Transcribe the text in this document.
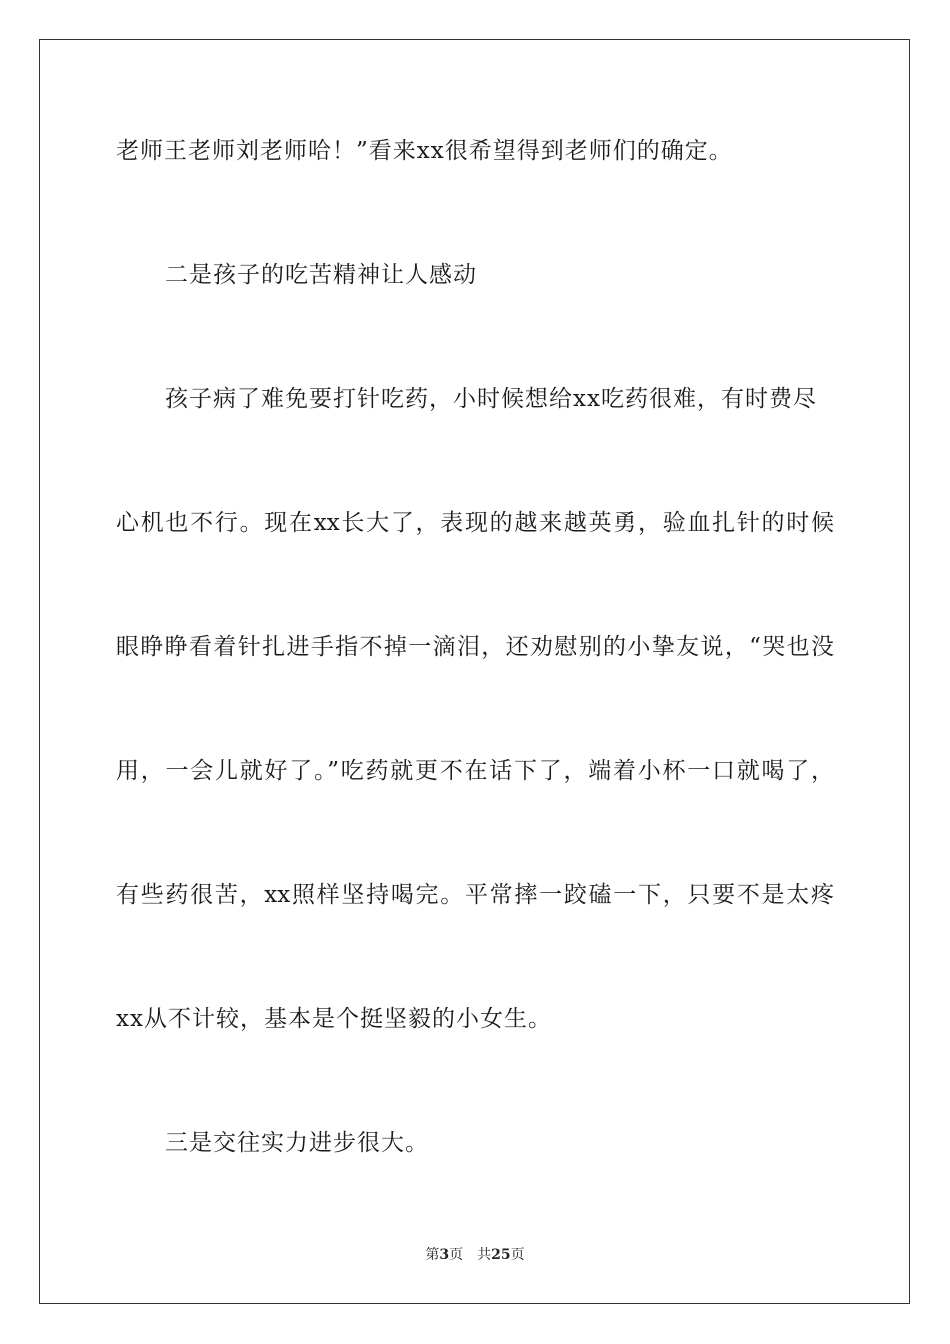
老师王老师刘老师哈！”看来xx很希望得到老师们的确定。
二是孩子的吃苦精神让人感动
孩子病了难免要打针吃药，小时候想给xx吃药很难，有时费尽
心机也不行。现在xx长大了，表现的越来越英勇，验血扎针的时候
眼睁睁看着针扎进手指不掉一滴泪，还劝慰别的小挚友说，“哭也没
用，一会儿就好了。”吃药就更不在话下了，端着小杯一口就喝了，
有些药很苦，xx照样坚持喝完。平常摔一跤磕一下，只要不是太疼
xx从不计较，基本是个挺坚毅的小女生。
三是交往实力进步很大。
第3页 共25页
